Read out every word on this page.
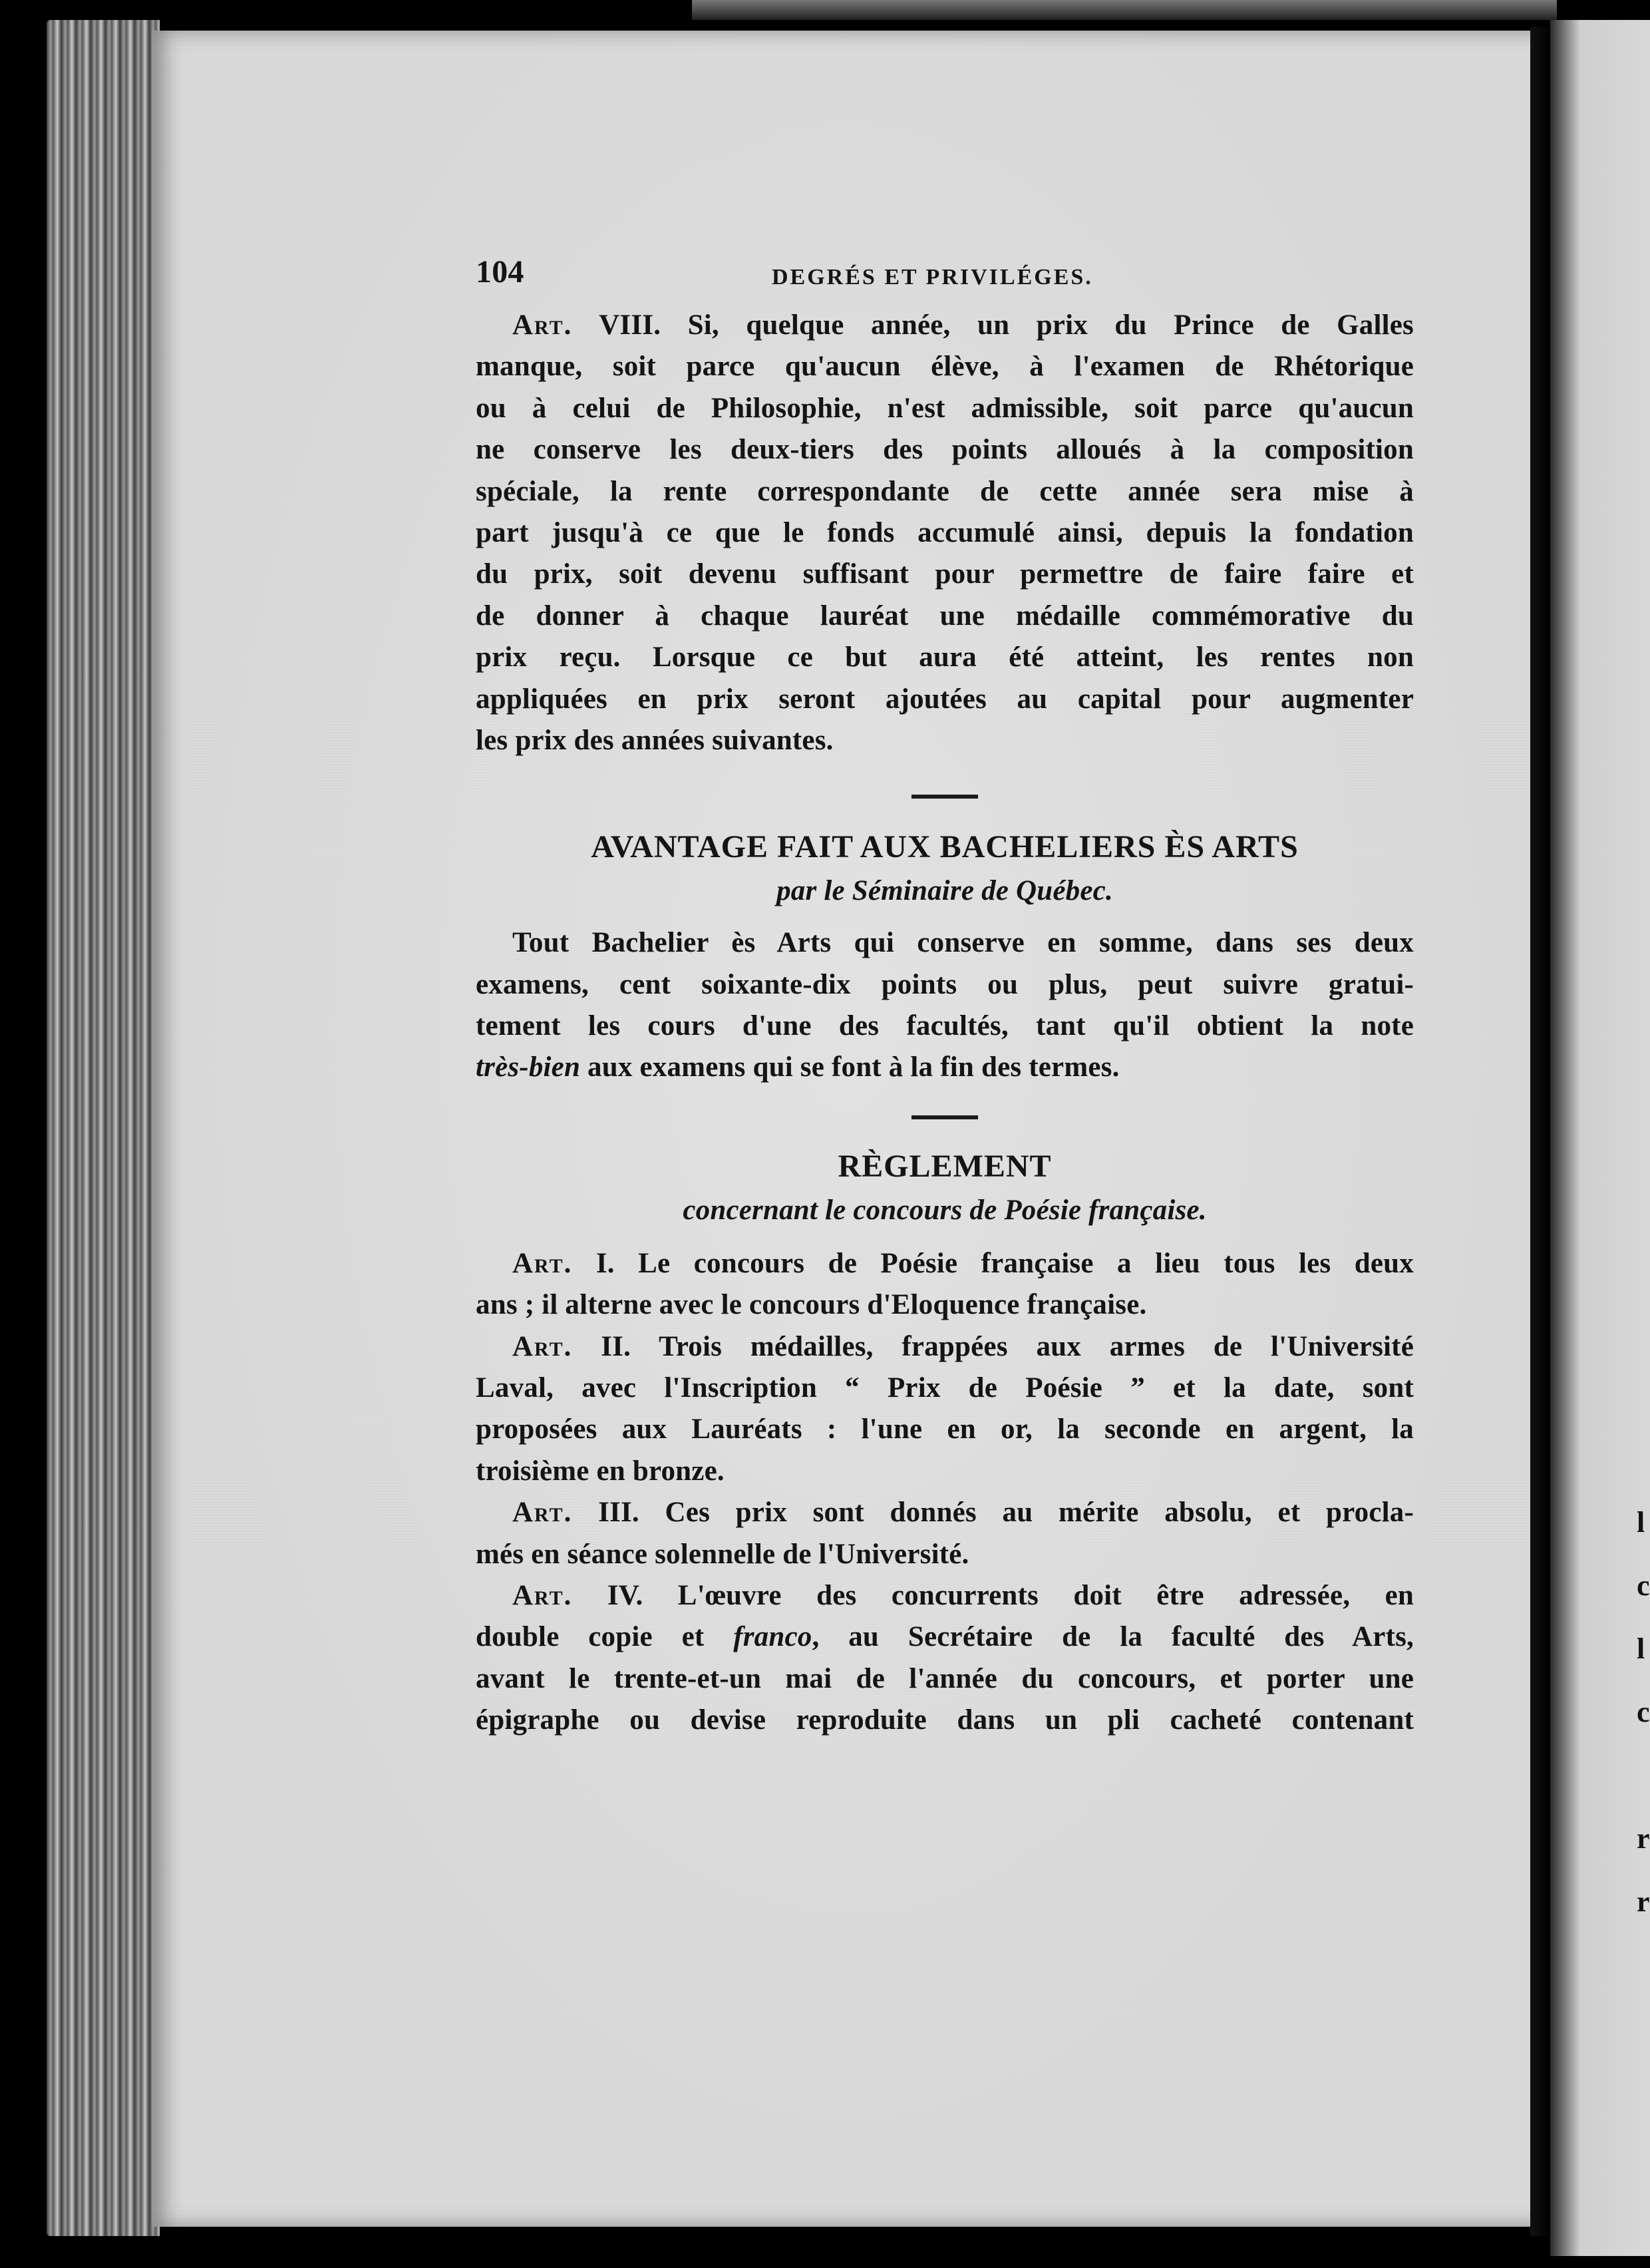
l
c
l
c

r
r
104	DEGRÉS ET PRIVILÉGES.
Art. VIII. Si, quelque année, un prix du Prince de Galles
manque, soit parce qu'aucun élève, à l'examen de Rhétorique
ou à celui de Philosophie, n'est admissible, soit parce qu'aucun
ne conserve les deux-tiers des points alloués à la composition
spéciale, la rente correspondante de cette année sera mise à
part jusqu'à ce que le fonds accumulé ainsi, depuis la fondation
du prix, soit devenu suffisant pour permettre de faire faire et
de donner à chaque lauréat une médaille commémorative du
prix reçu. Lorsque ce but aura été atteint, les rentes non
appliquées en prix seront ajoutées au capital pour augmenter
les prix des années suivantes.
AVANTAGE FAIT AUX BACHELIERS ÈS ARTS
par le Séminaire de Québec.
Tout Bachelier ès Arts qui conserve en somme, dans ses deux
examens, cent soixante-dix points ou plus, peut suivre gratui-
tement les cours d'une des facultés, tant qu'il obtient la note
très-bien aux examens qui se font à la fin des termes.
RÈGLEMENT
concernant le concours de Poésie française.
Art. I. Le concours de Poésie française a lieu tous les deux
ans ; il alterne avec le concours d'Eloquence française.
Art. II. Trois médailles, frappées aux armes de l'Université
Laval, avec l'Inscription “ Prix de Poésie ” et la date, sont
proposées aux Lauréats : l'une en or, la seconde en argent, la
troisième en bronze.
Art. III. Ces prix sont donnés au mérite absolu, et procla-
més en séance solennelle de l'Université.
Art. IV. L'œuvre des concurrents doit être adressée, en
double copie et franco, au Secrétaire de la faculté des Arts,
avant le trente-et-un mai de l'année du concours, et porter une
épigraphe ou devise reproduite dans un pli cacheté contenant
